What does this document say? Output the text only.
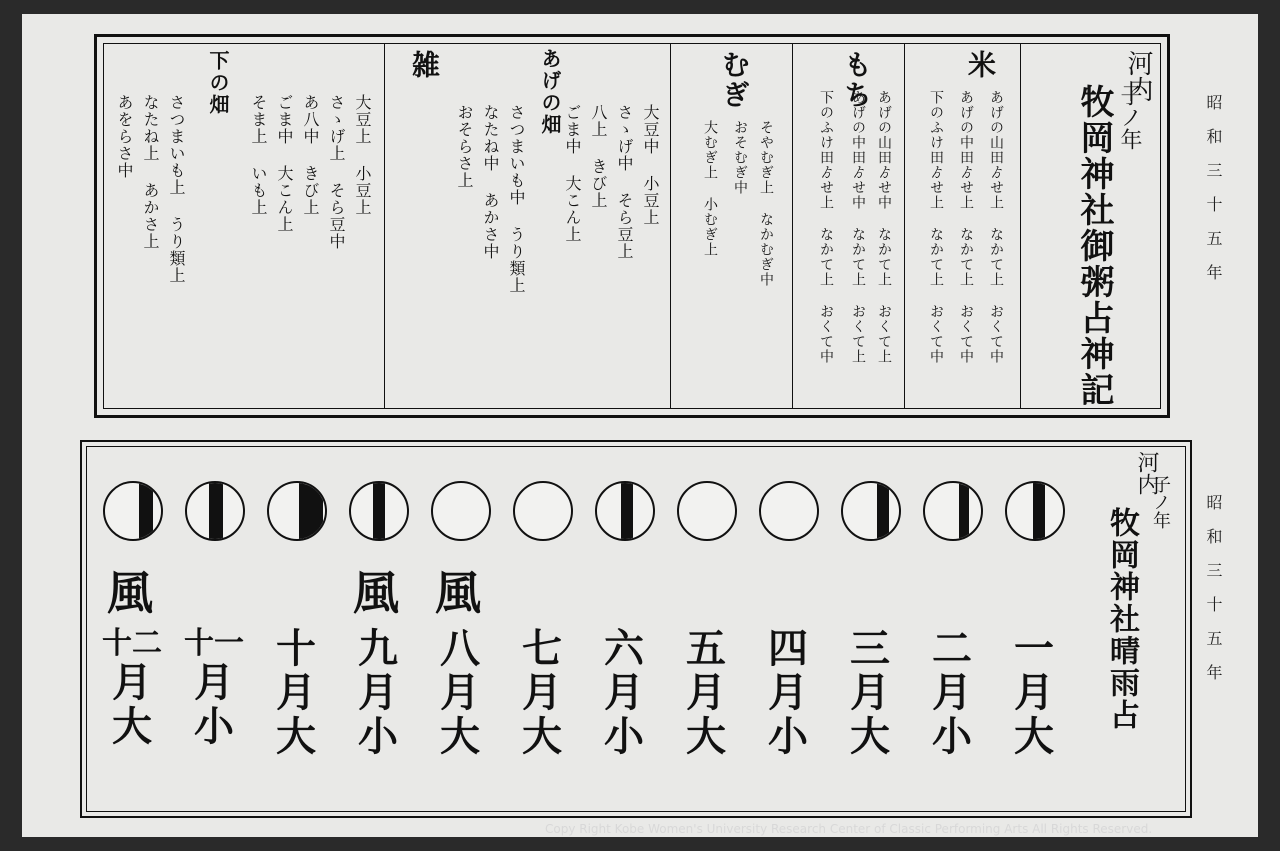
昭和三十五年
昭和三十五年
河内
子ノ年
牧岡神社御粥占神記
米
あげの山田ゟせ上 なかて上 おくて中
あげの中田ゟせ上 なかて上 おくて中
下のふけ田ゟせ上 なかて上 おくて中
もち
あげの山田ゟせ中 なかて上 おくて上
あげの中田ゟせ中 なかて上 おくて上
下のふけ田ゟせ上 なかて上 おくて中
むぎ
そやむぎ上 なかむぎ中
おそむぎ中
大むぎ上 小むぎ上
あげの畑
大豆中 小豆上
さゝげ中 そら豆上
八上 きび上
ごま中 大こん上
さつまいも中 うり類上
なたね中 あかさ中
おそらさ上
雑
下の畑
大豆上 小豆上
さゝげ上 そら豆中
あ八中 きび上
ごま中 大こん上
そま上 いも上
さつまいも上 うり類上
なたね上 あかさ上
あをらさ中
河内
子ノ年
牧岡神社晴雨占
一
月
大
二
月
小
三
月
大
四
月
小
五
月
大
六
月
小
七
月
大
風
八
月
大
風
九
月
小
十
月
大
十一
月
小
風
十二
月
大
Copy Right Kobe Women's University Research Center of Classic Performing Arts All Rights Reserved.
